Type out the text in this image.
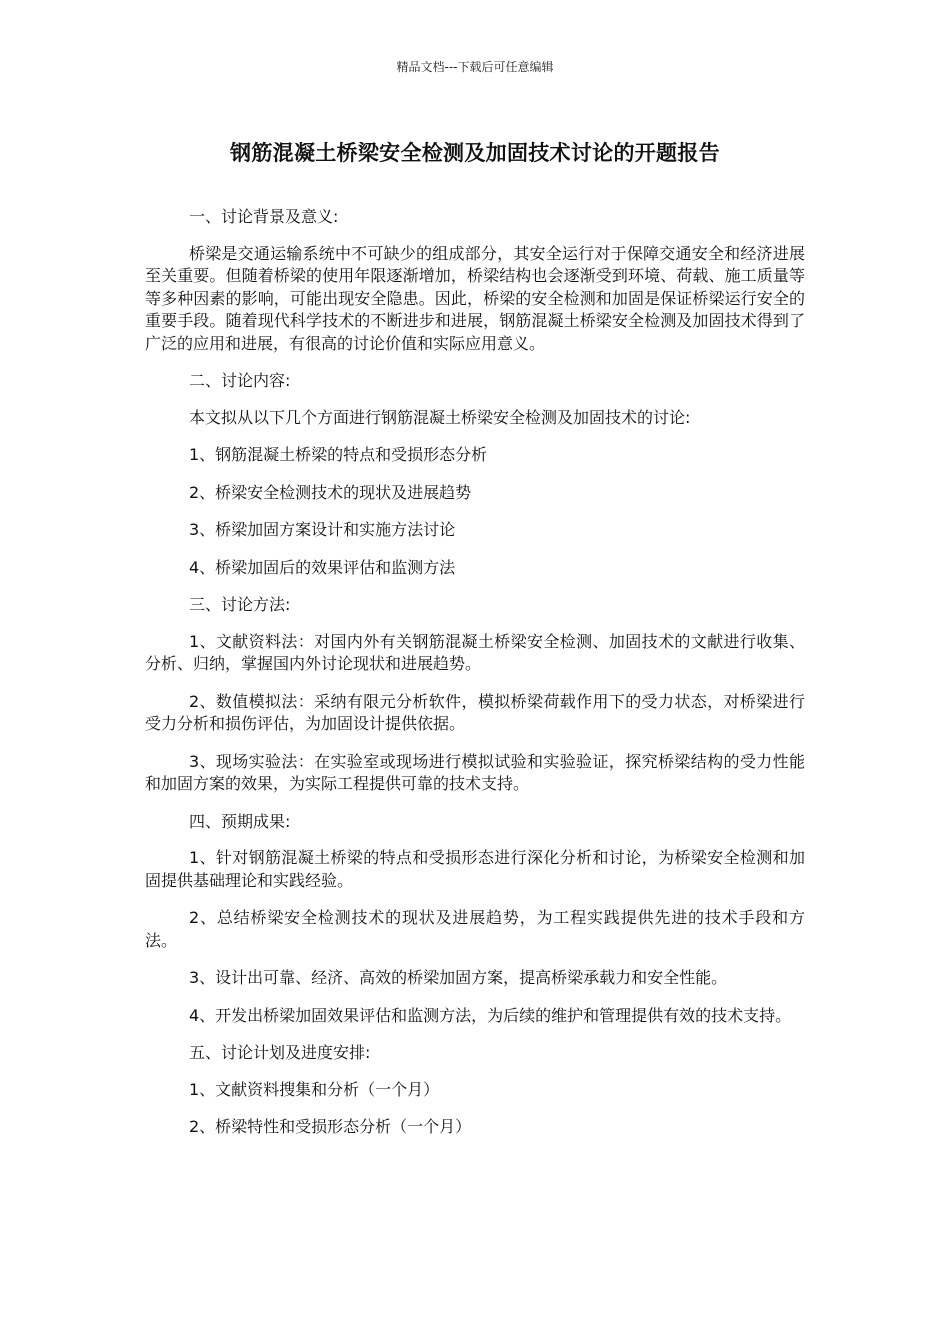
精品文档---下载后可任意编辑
钢筋混凝土桥梁安全检测及加固技术讨论的开题报告

一、讨论背景及意义:

桥梁是交通运输系统中不可缺少的组成部分，其安全运行对于保障交通安全和经济进展至关重要。但随着桥梁的使用年限逐渐增加，桥梁结构也会逐渐受到环境、荷载、施工质量等等多种因素的影响，可能出现安全隐患。因此，桥梁的安全检测和加固是保证桥梁运行安全的重要手段。随着现代科学技术的不断进步和进展，钢筋混凝土桥梁安全检测及加固技术得到了广泛的应用和进展，有很高的讨论价值和实际应用意义。

二、讨论内容:

本文拟从以下几个方面进行钢筋混凝土桥梁安全检测及加固技术的讨论:

1、钢筋混凝土桥梁的特点和受损形态分析

2、桥梁安全检测技术的现状及进展趋势

3、桥梁加固方案设计和实施方法讨论

4、桥梁加固后的效果评估和监测方法

三、讨论方法:

1、文献资料法：对国内外有关钢筋混凝土桥梁安全检测、加固技术的文献进行收集、分析、归纳，掌握国内外讨论现状和进展趋势。

2、数值模拟法：采纳有限元分析软件，模拟桥梁荷载作用下的受力状态，对桥梁进行受力分析和损伤评估，为加固设计提供依据。

3、现场实验法：在实验室或现场进行模拟试验和实验验证，探究桥梁结构的受力性能和加固方案的效果，为实际工程提供可靠的技术支持。

四、预期成果:

1、针对钢筋混凝土桥梁的特点和受损形态进行深化分析和讨论，为桥梁安全检测和加固提供基础理论和实践经验。

2、总结桥梁安全检测技术的现状及进展趋势，为工程实践提供先进的技术手段和方法。

3、设计出可靠、经济、高效的桥梁加固方案，提高桥梁承载力和安全性能。

4、开发出桥梁加固效果评估和监测方法，为后续的维护和管理提供有效的技术支持。

五、讨论计划及进度安排:

1、文献资料搜集和分析（一个月）

2、桥梁特性和受损形态分析（一个月）
